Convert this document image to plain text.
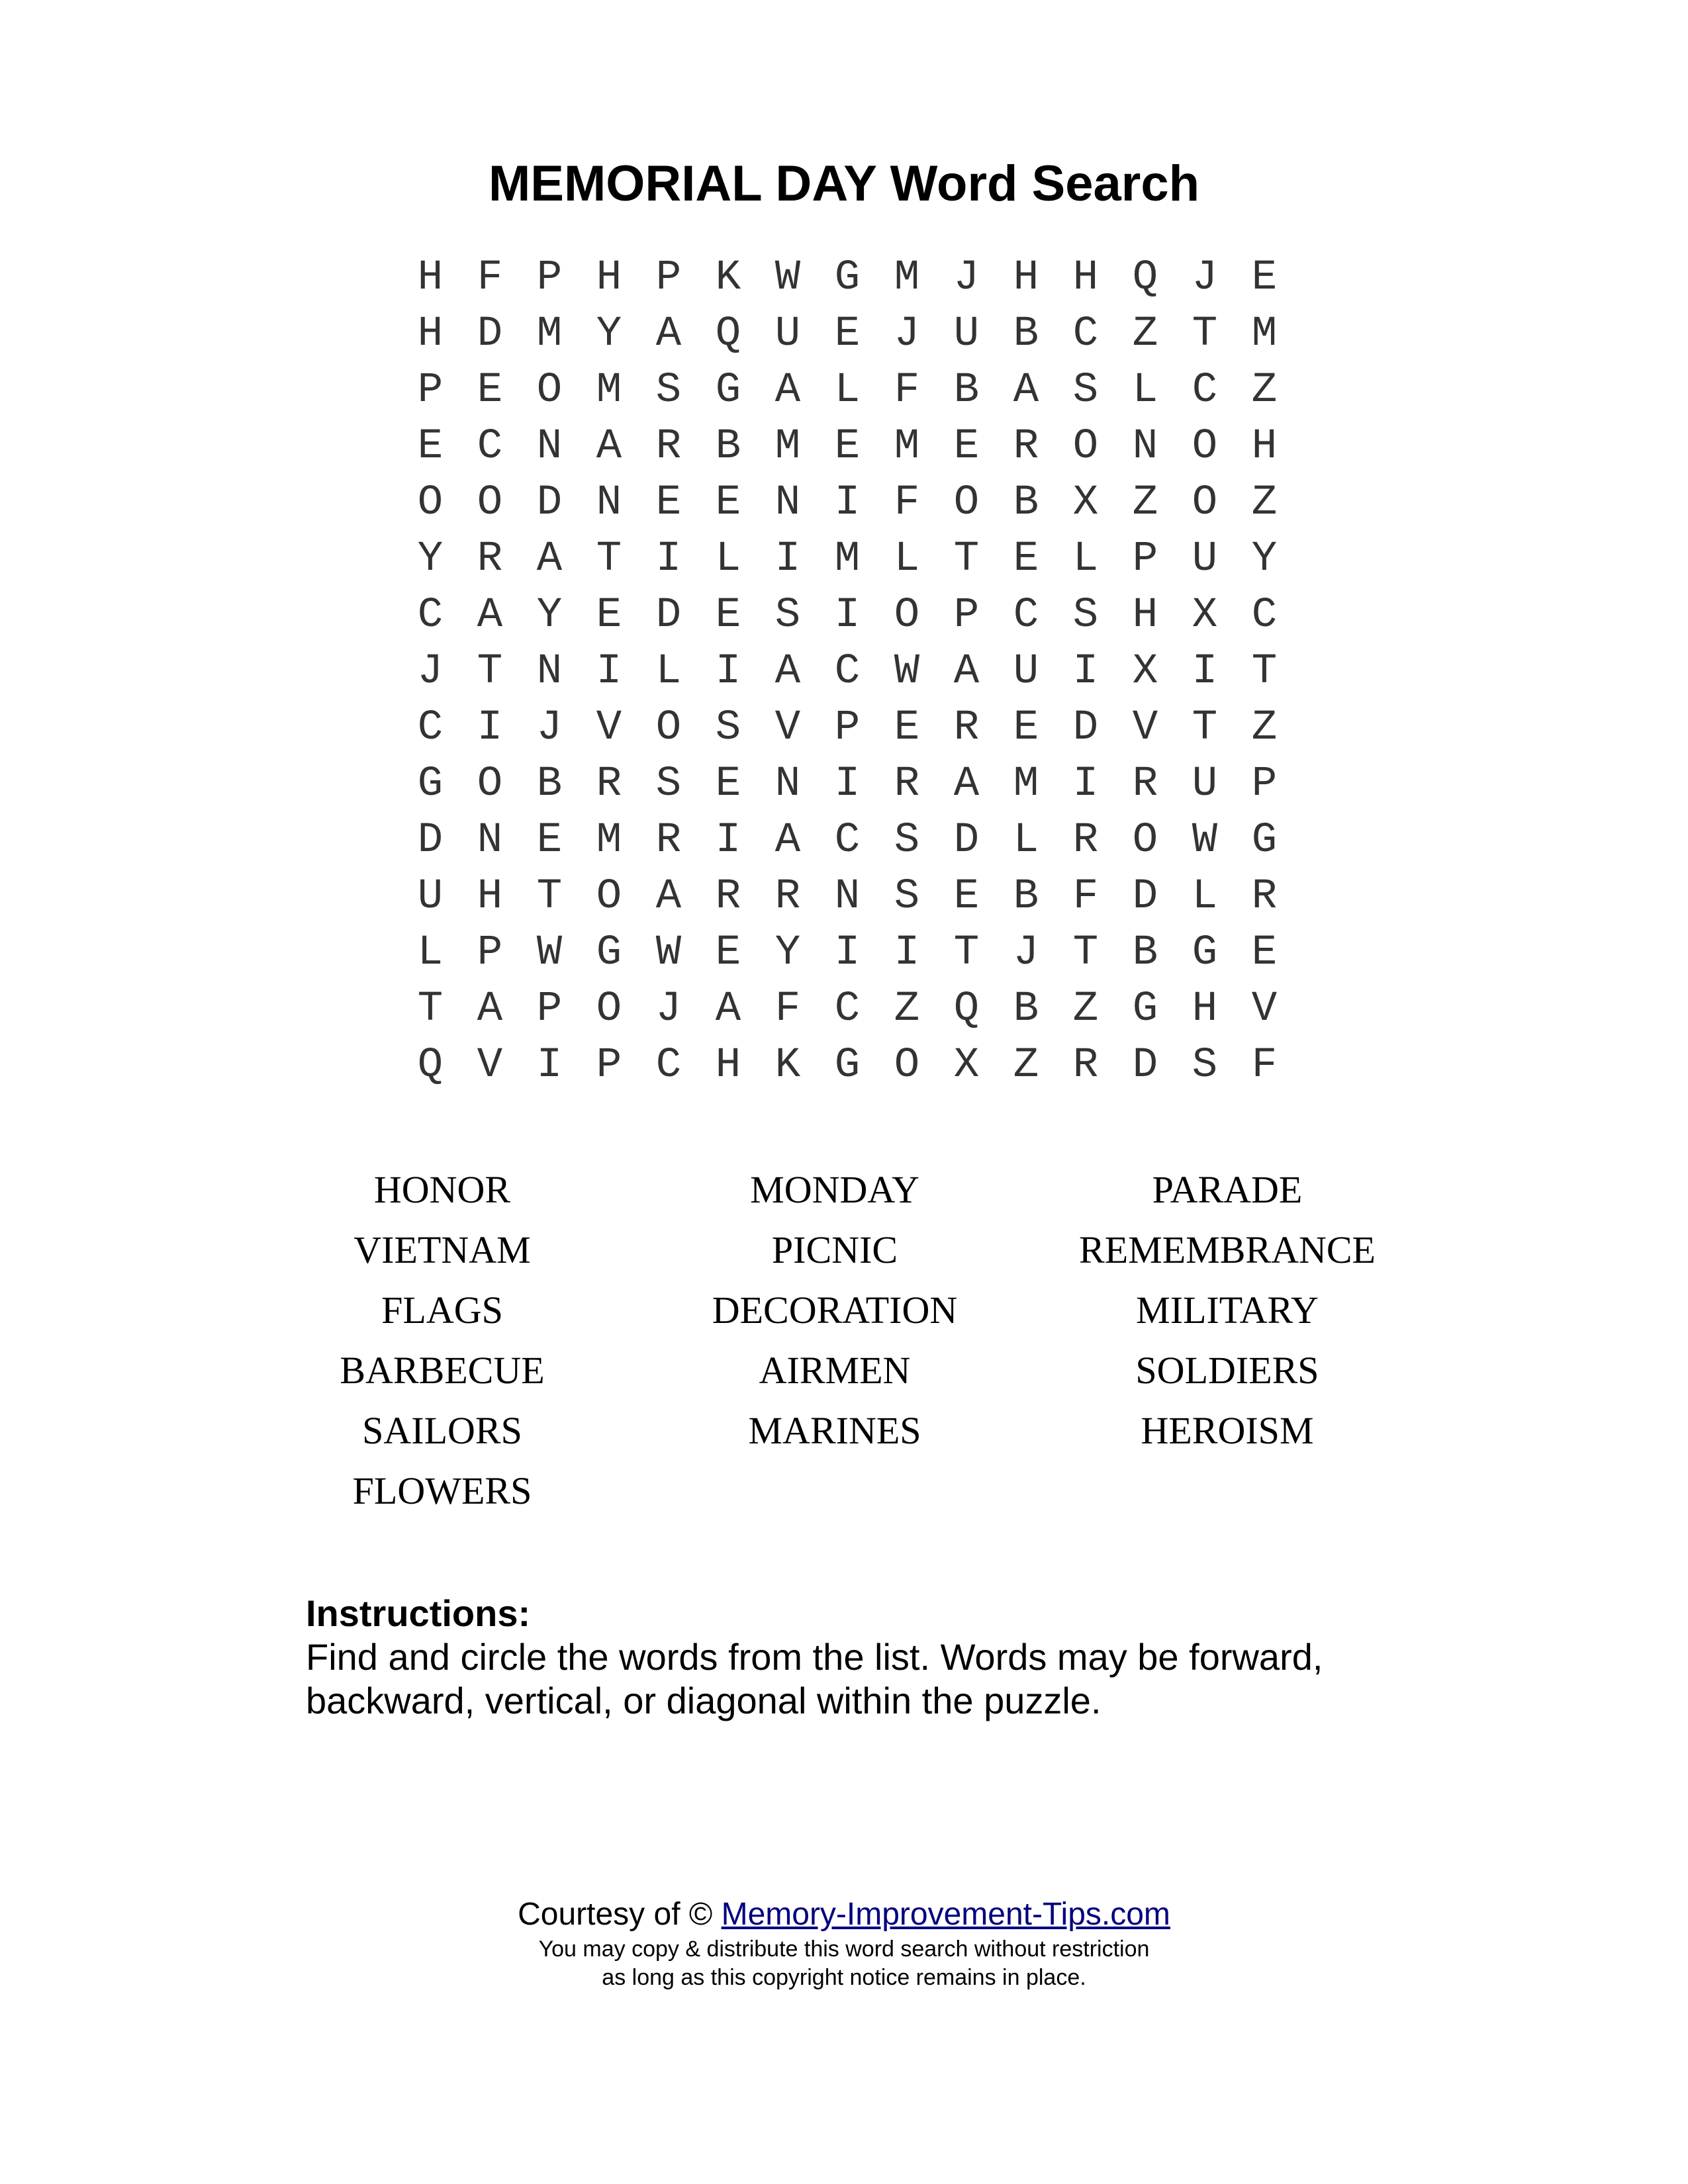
MEMORIAL DAY Word Search
H F P H P K W G M J H H Q J E
H D M Y A Q U E J U B C Z T M
P E O M S G A L F B A S L C Z
E C N A R B M E M E R O N O H
O O D N E E N I F O B X Z O Z
Y R A T I L I M L T E L P U Y
C A Y E D E S I O P C S H X C
J T N I L I A C W A U I X I T
C I J V O S V P E R E D V T Z
G O B R S E N I R A M I R U P
D N E M R I A C S D L R O W G
U H T O A R R N S E B F D L R
L P W G W E Y I I T J T B G E
T A P O J A F C Z Q B Z G H V
Q V I P C H K G O X Z R D S F
HONOR
VIETNAM
FLAGS
BARBECUE
SAILORS
FLOWERS
MONDAY
PICNIC
DECORATION
AIRMEN
MARINES
PARADE
REMEMBRANCE
MILITARY
SOLDIERS
HEROISM
Instructions:
Find and circle the words from the list. Words may be forward,
backward, vertical, or diagonal within the puzzle.
Courtesy of © Memory-Improvement-Tips.com
You may copy & distribute this word search without restriction
as long as this copyright notice remains in place.
